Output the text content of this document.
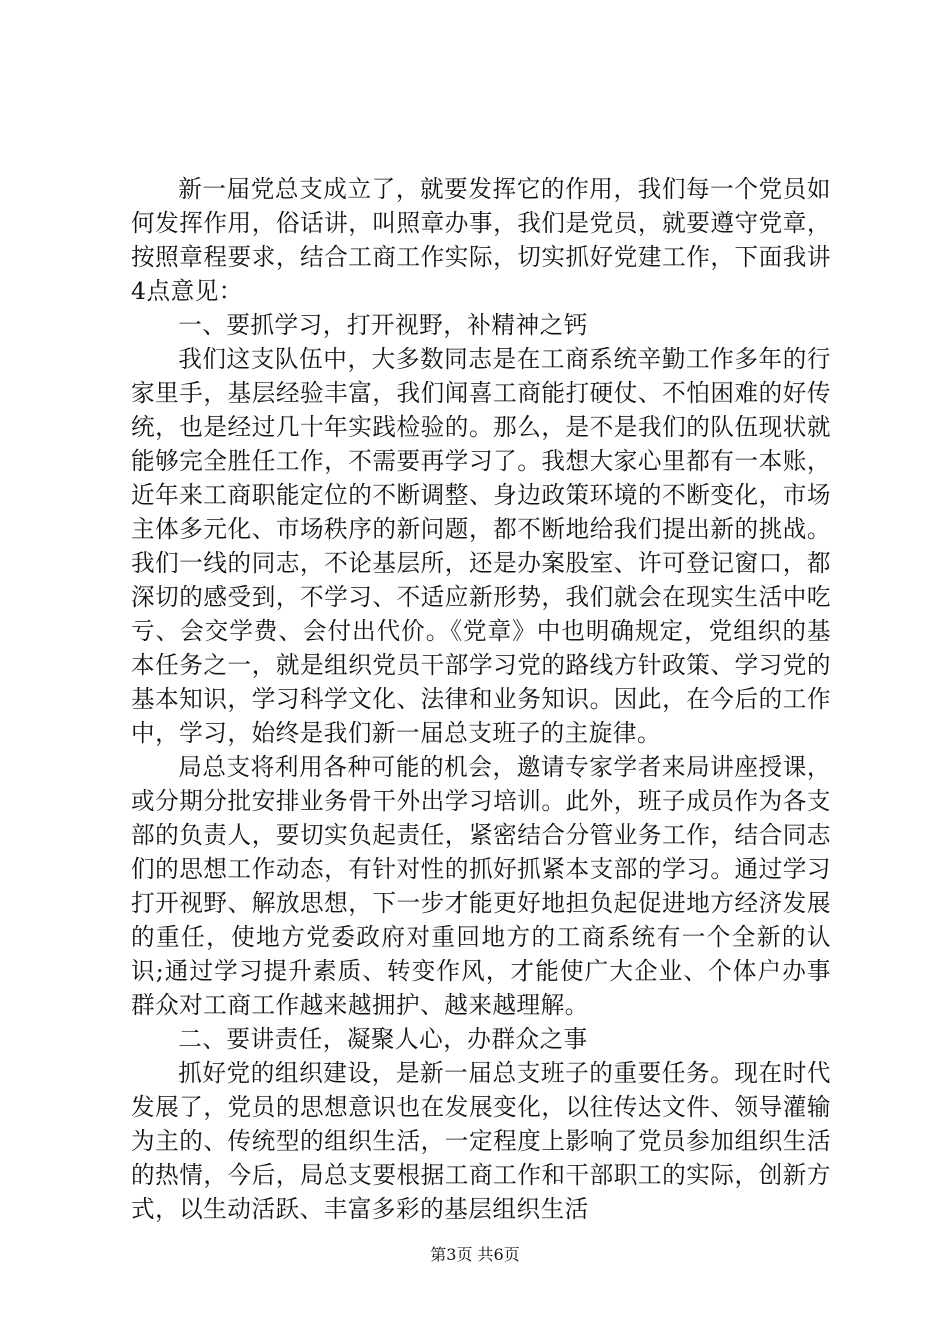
新一届党总支成立了，就要发挥它的作用，我们每一个党员如何发挥作用，俗话讲，叫照章办事，我们是党员，就要遵守党章，按照章程要求，结合工商工作实际，切实抓好党建工作，下面我讲4点意见：

一、要抓学习，打开视野，补精神之钙

我们这支队伍中，大多数同志是在工商系统辛勤工作多年的行家里手，基层经验丰富，我们闻喜工商能打硬仗、不怕困难的好传统，也是经过几十年实践检验的。那么，是不是我们的队伍现状就能够完全胜任工作，不需要再学习了。我想大家心里都有一本账，近年来工商职能定位的不断调整、身边政策环境的不断变化，市场主体多元化、市场秩序的新问题，都不断地给我们提出新的挑战。我们一线的同志，不论基层所，还是办案股室、许可登记窗口，都深切的感受到，不学习、不适应新形势，我们就会在现实生活中吃亏、会交学费、会付出代价。《党章》中也明确规定，党组织的基本任务之一，就是组织党员干部学习党的路线方针政策、学习党的基本知识，学习科学文化、法律和业务知识。因此，在今后的工作中，学习，始终是我们新一届总支班子的主旋律。

局总支将利用各种可能的机会，邀请专家学者来局讲座授课，或分期分批安排业务骨干外出学习培训。此外，班子成员作为各支部的负责人，要切实负起责任，紧密结合分管业务工作，结合同志们的思想工作动态，有针对性的抓好抓紧本支部的学习。通过学习打开视野、解放思想，下一步才能更好地担负起促进地方经济发展的重任，使地方党委政府对重回地方的工商系统有一个全新的认识;通过学习提升素质、转变作风，才能使广大企业、个体户办事群众对工商工作越来越拥护、越来越理解。

二、要讲责任，凝聚人心，办群众之事

抓好党的组织建设，是新一届总支班子的重要任务。现在时代发展了，党员的思想意识也在发展变化，以往传达文件、领导灌输为主的、传统型的组织生活，一定程度上影响了党员参加组织生活的热情，今后，局总支要根据工商工作和干部职工的实际，创新方式，以生动活跃、丰富多彩的基层组织生活

第3页 共6页
